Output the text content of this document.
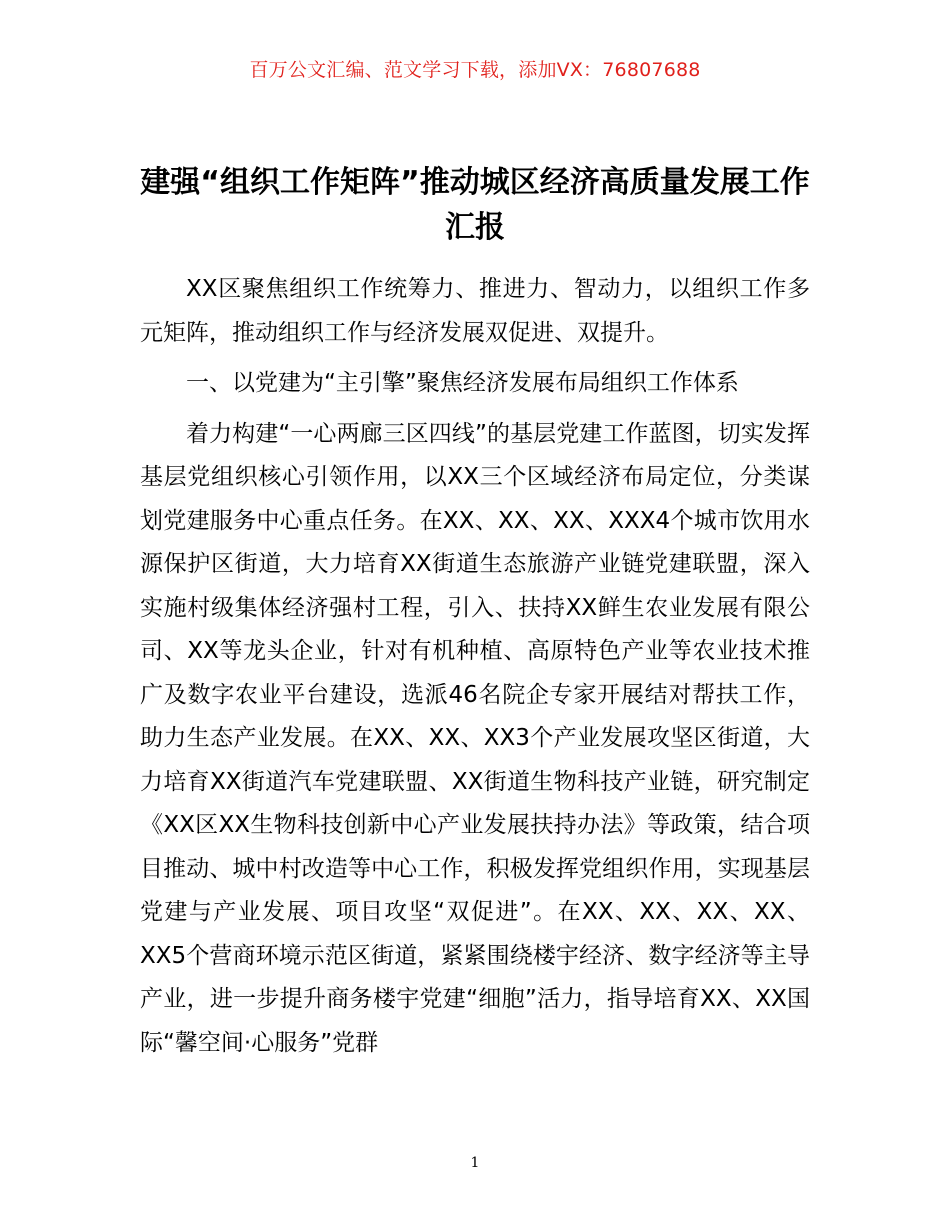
百万公文汇编、范文学习下载，添加VX：76807688
建强“组织工作矩阵”推动城区经济高质量发展工作汇报

XX区聚焦组织工作统筹力、推进力、智动力，以组织工作多元矩阵，推动组织工作与经济发展双促进、双提升。

一、以党建为“主引擎”聚焦经济发展布局组织工作体系

着力构建“一心两廊三区四线”的基层党建工作蓝图，切实发挥基层党组织核心引领作用，以XX三个区域经济布局定位，分类谋划党建服务中心重点任务。在XX、XX、XX、XXX4个城市饮用水源保护区街道，大力培育XX街道生态旅游产业链党建联盟，深入实施村级集体经济强村工程，引入、扶持XX鲜生农业发展有限公司、XX等龙头企业，针对有机种植、高原特色产业等农业技术推广及数字农业平台建设，选派46名院企专家开展结对帮扶工作，助力生态产业发展。在XX、XX、XX3个产业发展攻坚区街道，大力培育XX街道汽车党建联盟、XX街道生物科技产业链，研究制定《XX区XX生物科技创新中心产业发展扶持办法》等政策，结合项目推动、城中村改造等中心工作，积极发挥党组织作用，实现基层党建与产业发展、项目攻坚“双促进”。在XX、XX、XX、XX、XX5个营商环境示范区街道，紧紧围绕楼宇经济、数字经济等主导产业，进一步提升商务楼宇党建“细胞”活力，指导培育XX、XX国际“馨空间·心服务”党群

1
